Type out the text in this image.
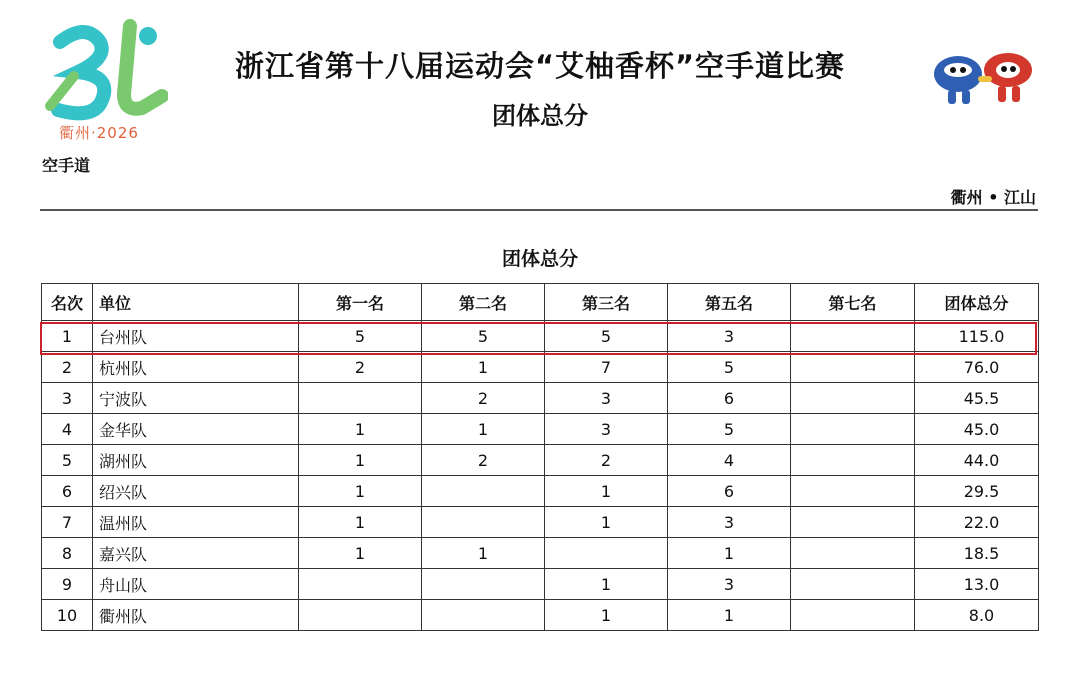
衢州·2026
浙江省第十八届运动会“艾柚香杯”空手道比赛
团体总分
空手道
衢州 • 江山
团体总分
名次	单位	第一名	第二名	第三名	第五名	第七名	团体总分
1	台州队	5	5	5	3		115.0
2	杭州队	2	1	7	5		76.0
3	宁波队		2	3	6		45.5
4	金华队	1	1	3	5		45.0
5	湖州队	1	2	2	4		44.0
6	绍兴队	1		1	6		29.5
7	温州队	1		1	3		22.0
8	嘉兴队	1	1		1		18.5
9	舟山队			1	3		13.0
10	衢州队			1	1		8.0
